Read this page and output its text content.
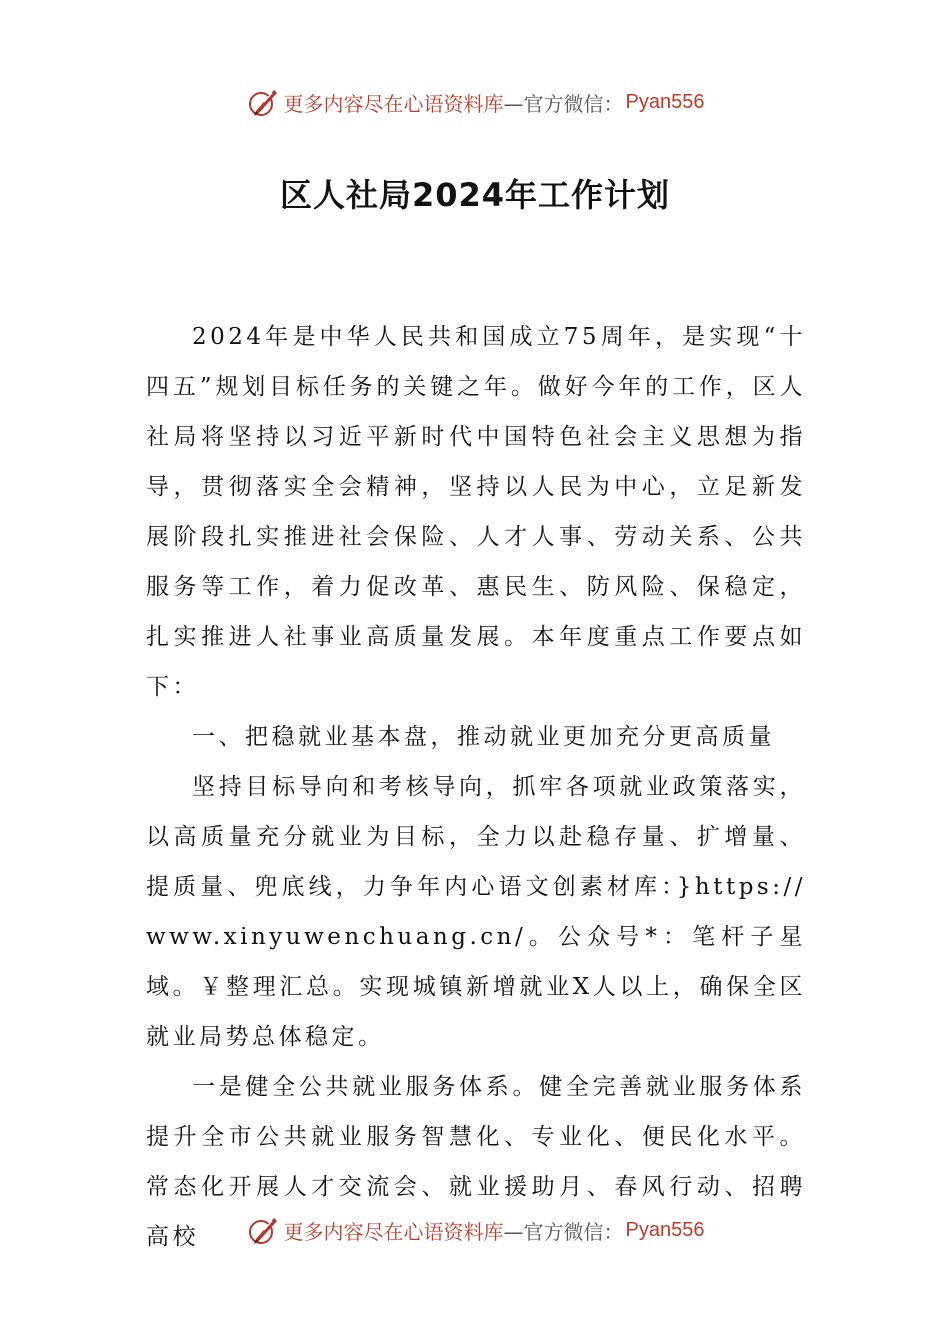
更多内容尽在心语资料库 —官方微信： Pyan556
区人社局2024年工作计划

2024年是中华人民共和国成立75周年，是实现“十四五”规划目标任务的关键之年。做好今年的工作，区人社局将坚持以习近平新时代中国特色社会主义思想为指导，贯彻落实全会精神，坚持以人民为中心，立足新发展阶段扎实推进社会保险、人才人事、劳动关系、公共服务等工作，着力促改革、惠民生、防风险、保稳定，扎实推进人社事业高质量发展。本年度重点工作要点如下：

一、把稳就业基本盘，推动就业更加充分更高质量

坚持目标导向和考核导向，抓牢各项就业政策落实，以高质量充分就业为目标，全力以赴稳存量、扩增量、提质量、兜底线，力争年内心语文创素材库：}https://www.xinyuwenchuang.cn/。公众号*：笔杆子星域。￥整理汇总。实现城镇新增就业X人以上，确保全区就业局势总体稳定。

一是健全公共就业服务体系。健全完善就业服务体系提升全市公共就业服务智慧化、专业化、便民化水平。常态化开展人才交流会、就业援助月、春风行动、招聘高校	更多内容尽在心语资料库 —官方微信： Pyan556
